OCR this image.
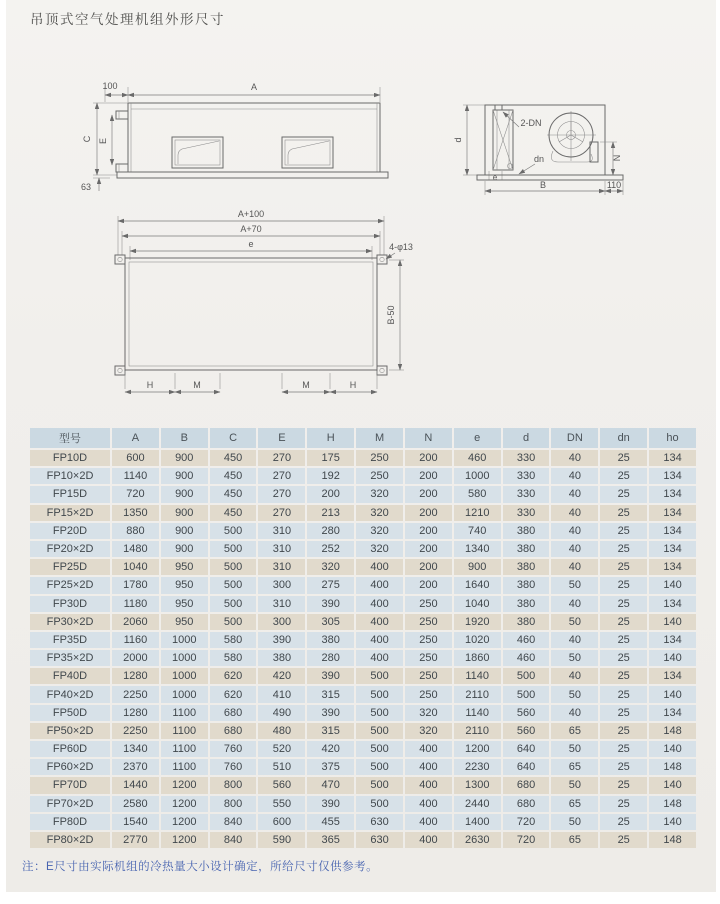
吊顶式空气处理机组外形尺寸
A
100
C E
63
d
2-DN
e
dn	N
B	110
A+100
A+70
e	4-φ13
B-50
H	M	M	H
型号	A	B	C	E	H	M	N	e	d	DN	dn	ho
FP10D	600	900	450	270	175	250	200	460	330	40	25	134
FP10×2D	1140	900	450	270	192	250	200	1000	330	40	25	134
FP15D	720	900	450	270	200	320	200	580	330	40	25	134
FP15×2D	1350	900	450	270	213	320	200	1210	330	40	25	134
FP20D	880	900	500	310	280	320	200	740	380	40	25	134
FP20×2D	1480	900	500	310	252	320	200	1340	380	40	25	134
FP25D	1040	950	500	310	320	400	200	900	380	40	25	134
FP25×2D	1780	950	500	300	275	400	200	1640	380	50	25	140
FP30D	1180	950	500	310	390	400	250	1040	380	40	25	134
FP30×2D	2060	950	500	300	305	400	250	1920	380	50	25	140
FP35D	1160	1000	580	390	380	400	250	1020	460	40	25	134
FP35×2D	2000	1000	580	380	280	400	250	1860	460	50	25	140
FP40D	1280	1000	620	420	390	500	250	1140	500	40	25	134
FP40×2D	2250	1000	620	410	315	500	250	2110	500	50	25	140
FP50D	1280	1100	680	490	390	500	320	1140	560	40	25	134
FP50×2D	2250	1100	680	480	315	500	320	2110	560	65	25	148
FP60D	1340	1100	760	520	420	500	400	1200	640	50	25	140
FP60×2D	2370	1100	760	510	375	500	400	2230	640	65	25	148
FP70D	1440	1200	800	560	470	500	400	1300	680	50	25	140
FP70×2D	2580	1200	800	550	390	500	400	2440	680	65	25	148
FP80D	1540	1200	840	600	455	630	400	1400	720	50	25	140
FP80×2D	2770	1200	840	590	365	630	400	2630	720	65	25	148
注：E尺寸由实际机组的冷热量大小设计确定，所给尺寸仅供参考。
